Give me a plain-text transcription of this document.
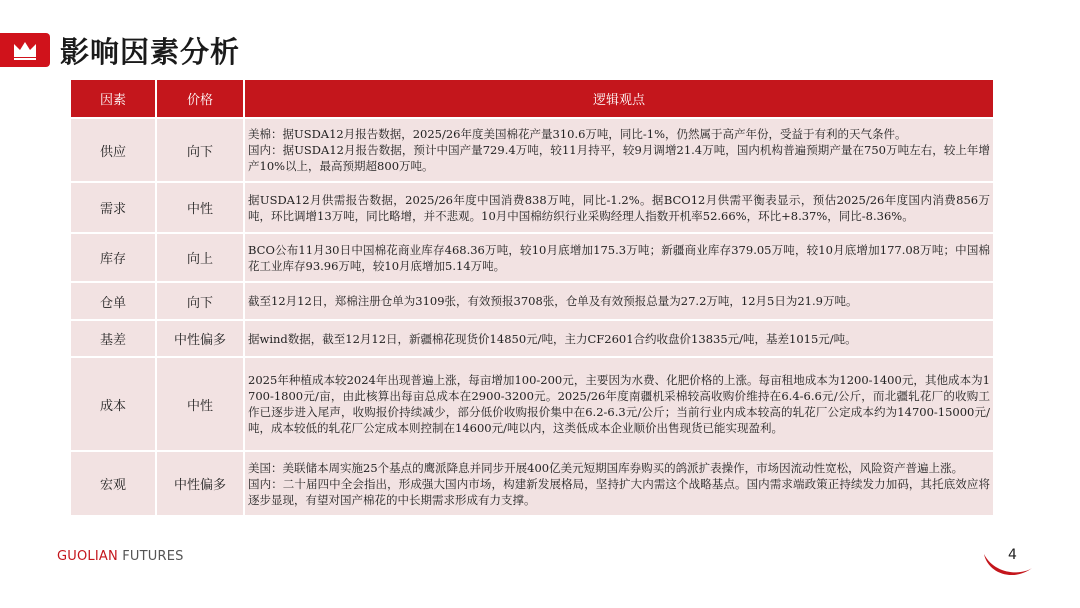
影响因素分析
因素	价格	逻辑观点
供应	向下	美棉：据USDA12月报告数据，2025/26年度美国棉花产量310.6万吨，同比-1%，仍然属于高产年份，受益于有利的天气条件。

国内：据USDA12月报告数据，预计中国产量729.4万吨，较11月持平，较9月调增21.4万吨，国内机构普遍预期产量在750万吨左右，较上年增产10%以上，最高预期超800万吨。

需求	中性	据USDA12月供需报告数据，2025/26年度中国消费838万吨，同比-1.2%。据BCO12月供需平衡表显示，预估2025/26年度国内消费856万吨，环比调增13万吨，同比略增，并不悲观。10月中国棉纺织行业采购经理人指数开机率52.66%，环比+8.37%，同比-8.36%。

库存	向上	BCO公布11月30日中国棉花商业库存468.36万吨，较10月底增加175.3万吨；新疆商业库存379.05万吨，较10月底增加177.08万吨；中国棉花工业库存93.96万吨，较10月底增加5.14万吨。

仓单	向下	截至12月12日，郑棉注册仓单为3109张，有效预报3708张，仓单及有效预报总量为27.2万吨，12月5日为21.9万吨。

基差	中性偏多	据wind数据，截至12月12日，新疆棉花现货价14850元/吨，主力CF2601合约收盘价13835元/吨，基差1015元/吨。

成本	中性	2025年种植成本较2024年出现普遍上涨，每亩增加100-200元，主要因为水费、化肥价格的上涨。每亩租地成本为1200-1400元，其他成本为1700-1800元/亩，由此核算出每亩总成本在2900-3200元。2025/26年度南疆机采棉较高收购价维持在6.4-6.6元/公斤，而北疆轧花厂的收购工作已逐步进入尾声，收购报价持续减少，部分低价收购报价集中在6.2-6.3元/公斤；当前行业内成本较高的轧花厂公定成本约为14700-15000元/吨，成本较低的轧花厂公定成本则控制在14600元/吨以内，这类低成本企业顺价出售现货已能实现盈利。

宏观	中性偏多	美国：美联储本周实施25个基点的鹰派降息并同步开展400亿美元短期国库券购买的鸽派扩表操作，市场因流动性宽松，风险资产普遍上涨。

国内：二十届四中全会指出，形成强大国内市场，构建新发展格局，坚持扩大内需这个战略基点。国内需求端政策正持续发力加码，其托底效应将逐步显现，有望对国产棉花的中长期需求形成有力支撑。

GUOLIAN FUTURES	4
